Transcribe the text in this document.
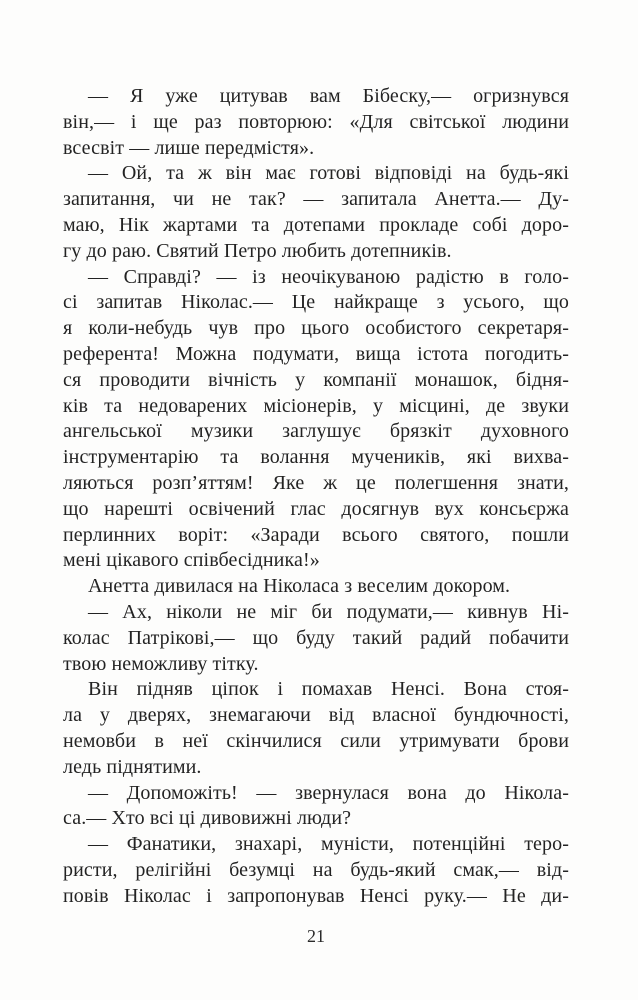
— Я уже цитував вам Бібеску,— огризнувся
він,— і ще раз повторюю: «Для світської людини
всесвіт — лише передмістя».
— Ой, та ж він має готові відповіді на будь-які
запитання, чи не так? — запитала Анетта.— Ду-
маю, Нік жартами та дотепами прокладе собі доро-
гу до раю. Святий Петро любить дотепників.
— Справді? — із неочікуваною радістю в голо-
сі запитав Ніколас.— Це найкраще з усього, що
я коли-небудь чув про цього особистого секретаря-
референта! Можна подумати, вища істота погодить-
ся проводити вічність у компанії монашок, бідня-
ків та недоварених місіонерів, у місцині, де звуки
ангельської музики заглушує брязкіт духовного
інструментарію та волання мучеників, які вихва-
ляються розп’яттям! Яке ж це полегшення знати,
що нарешті освічений глас досягнув вух консьєржа
перлинних воріт: «Заради всього святого, пошли
мені цікавого співбесідника!»
Анетта дивилася на Ніколаса з веселим докором.
— Ах, ніколи не міг би подумати,— кивнув Ні-
колас Патрікові,— що буду такий радий побачити
твою неможливу тітку.
Він підняв ціпок і помахав Ненсі. Вона стоя-
ла у дверях, знемагаючи від власної бундючності,
немовби в неї скінчилися сили утримувати брови
ледь піднятими.
— Допоможіть! — звернулася вона до Нікола-
са.— Хто всі ці дивовижні люди?
— Фанатики, знахарі, муністи, потенційні теро-
ристи, релігійні безумці на будь-який смак,— від-
повів Ніколас і запропонував Ненсі руку.— Не ди-
21
